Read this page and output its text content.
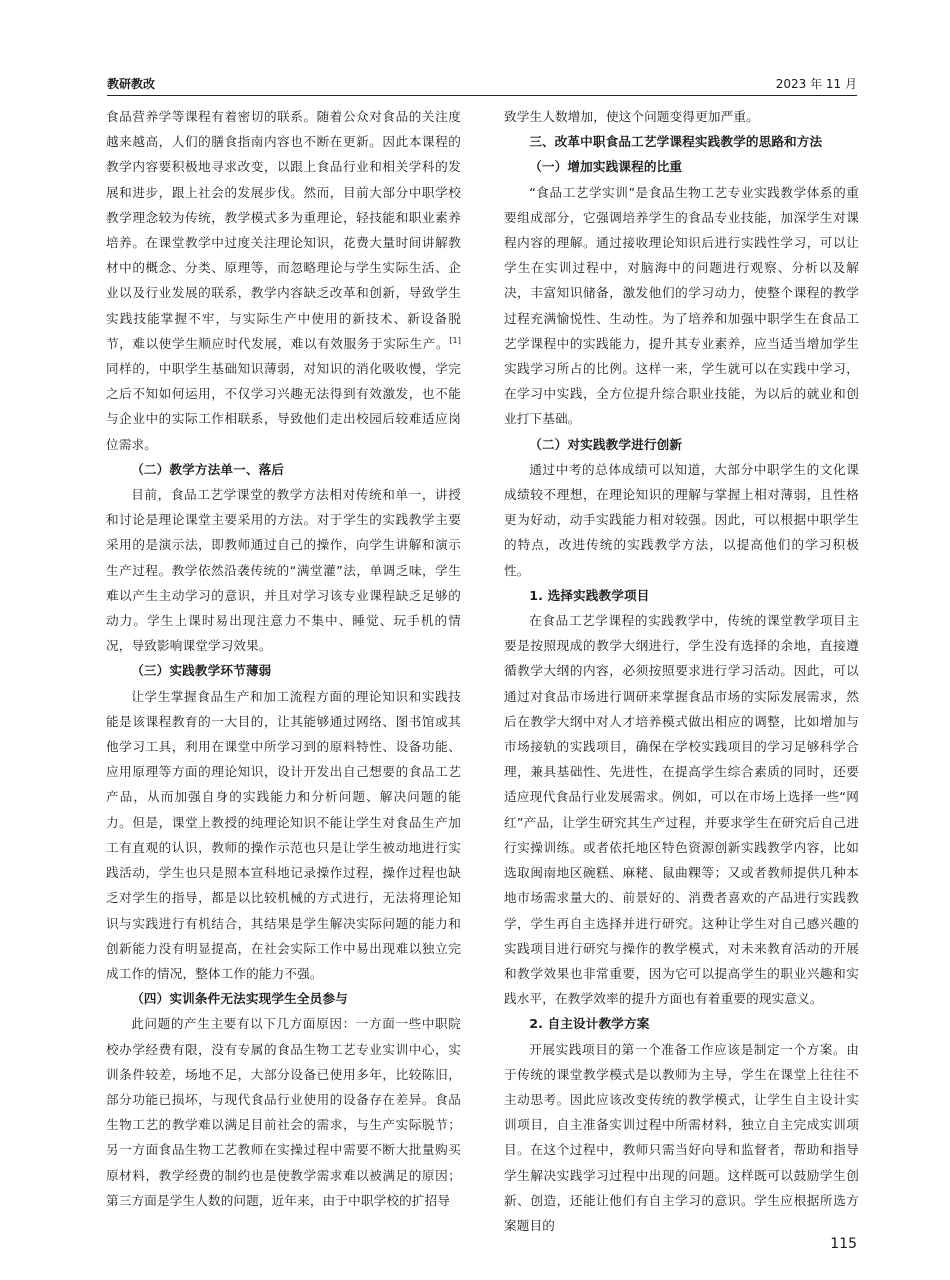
教研教改	2023 年 11 月

食品营养学等课程有着密切的联系。随着公众对食品的关注度越来越高，人们的膳食指南内容也不断在更新。因此本课程的教学内容要积极地寻求改变，以跟上食品行业和相关学科的发展和进步，跟上社会的发展步伐。然而，目前大部分中职学校教学理念较为传统，教学模式多为重理论，轻技能和职业素养培养。在课堂教学中过度关注理论知识，花费大量时间讲解教材中的概念、分类、原理等，而忽略理论与学生实际生活、企业以及行业发展的联系，教学内容缺乏改革和创新，导致学生实践技能掌握不牢，与实际生产中使用的新技术、新设备脱节，难以使学生顺应时代发展，难以有效服务于实际生产。[1]同样的，中职学生基础知识薄弱，对知识的消化吸收慢，学完之后不知如何运用，不仅学习兴趣无法得到有效激发，也不能与企业中的实际工作相联系，导致他们走出校园后较难适应岗位需求。

（二）教学方法单一、落后

目前，食品工艺学课堂的教学方法相对传统和单一，讲授和讨论是理论课堂主要采用的方法。对于学生的实践教学主要采用的是演示法，即教师通过自己的操作，向学生讲解和演示生产过程。教学依然沿袭传统的“满堂灌”法，单调乏味，学生难以产生主动学习的意识，并且对学习该专业课程缺乏足够的动力。学生上课时易出现注意力不集中、睡觉、玩手机的情况，导致影响课堂学习效果。

（三）实践教学环节薄弱

让学生掌握食品生产和加工流程方面的理论知识和实践技能是该课程教育的一大目的，让其能够通过网络、图书馆或其他学习工具，利用在课堂中所学习到的原料特性、设备功能、应用原理等方面的理论知识，设计开发出自己想要的食品工艺产品，从而加强自身的实践能力和分析问题、解决问题的能力。但是，课堂上教授的纯理论知识不能让学生对食品生产加工有直观的认识，教师的操作示范也只是让学生被动地进行实践活动，学生也只是照本宣科地记录操作过程，操作过程也缺乏对学生的指导，都是以比较机械的方式进行，无法将理论知识与实践进行有机结合，其结果是学生解决实际问题的能力和创新能力没有明显提高，在社会实际工作中易出现难以独立完成工作的情况，整体工作的能力不强。

（四）实训条件无法实现学生全员参与

此问题的产生主要有以下几方面原因：一方面一些中职院校办学经费有限，没有专属的食品生物工艺专业实训中心，实训条件较差，场地不足，大部分设备已使用多年，比较陈旧，部分功能已损坏，与现代食品行业使用的设备存在差异。食品生物工艺的教学难以满足目前社会的需求，与生产实际脱节；另一方面食品生物工艺教师在实操过程中需要不断大批量购买原材料，教学经费的制约也是使教学需求难以被满足的原因；第三方面是学生人数的问题，近年来，由于中职学校的扩招导

致学生人数增加，使这个问题变得更加严重。

三、改革中职食品工艺学课程实践教学的思路和方法
（一）增加实践课程的比重

“食品工艺学实训”是食品生物工艺专业实践教学体系的重要组成部分，它强调培养学生的食品专业技能，加深学生对课程内容的理解。通过接收理论知识后进行实践性学习，可以让学生在实训过程中，对脑海中的问题进行观察、分析以及解决，丰富知识储备，激发他们的学习动力，使整个课程的教学过程充满愉悦性、生动性。为了培养和加强中职学生在食品工艺学课程中的实践能力，提升其专业素养，应当适当增加学生实践学习所占的比例。这样一来，学生就可以在实践中学习，在学习中实践，全方位提升综合职业技能，为以后的就业和创业打下基础。

（二）对实践教学进行创新

通过中考的总体成绩可以知道，大部分中职学生的文化课成绩较不理想，在理论知识的理解与掌握上相对薄弱，且性格更为好动，动手实践能力相对较强。因此，可以根据中职学生的特点，改进传统的实践教学方法，以提高他们的学习积极性。

1. 选择实践教学项目

在食品工艺学课程的实践教学中，传统的课堂教学项目主要是按照现成的教学大纲进行，学生没有选择的余地，直接遵循教学大纲的内容，必须按照要求进行学习活动。因此，可以通过对食品市场进行调研来掌握食品市场的实际发展需求，然后在教学大纲中对人才培养模式做出相应的调整，比如增加与市场接轨的实践项目，确保在学校实践项目的学习足够科学合理，兼具基础性、先进性，在提高学生综合素质的同时，还要适应现代食品行业发展需求。例如，可以在市场上选择一些“网红”产品，让学生研究其生产过程，并要求学生在研究后自己进行实操训练。或者依托地区特色资源创新实践教学内容，比如选取闽南地区碗糕、麻粩、鼠曲粿等；又或者教师提供几种本地市场需求量大的、前景好的、消费者喜欢的产品进行实践教学，学生再自主选择并进行研究。这种让学生对自己感兴趣的实践项目进行研究与操作的教学模式，对未来教育活动的开展和教学效果也非常重要，因为它可以提高学生的职业兴趣和实践水平，在教学效率的提升方面也有着重要的现实意义。

2. 自主设计教学方案

开展实践项目的第一个准备工作应该是制定一个方案。由于传统的课堂教学模式是以教师为主导，学生在课堂上往往不主动思考。因此应该改变传统的教学模式，让学生自主设计实训项目，自主准备实训过程中所需材料，独立自主完成实训项目。在这个过程中，教师只需当好向导和监督者，帮助和指导学生解决实践学习过程中出现的问题。这样既可以鼓励学生创新、创造，还能让他们有自主学习的意识。学生应根据所选方案题目的

115
